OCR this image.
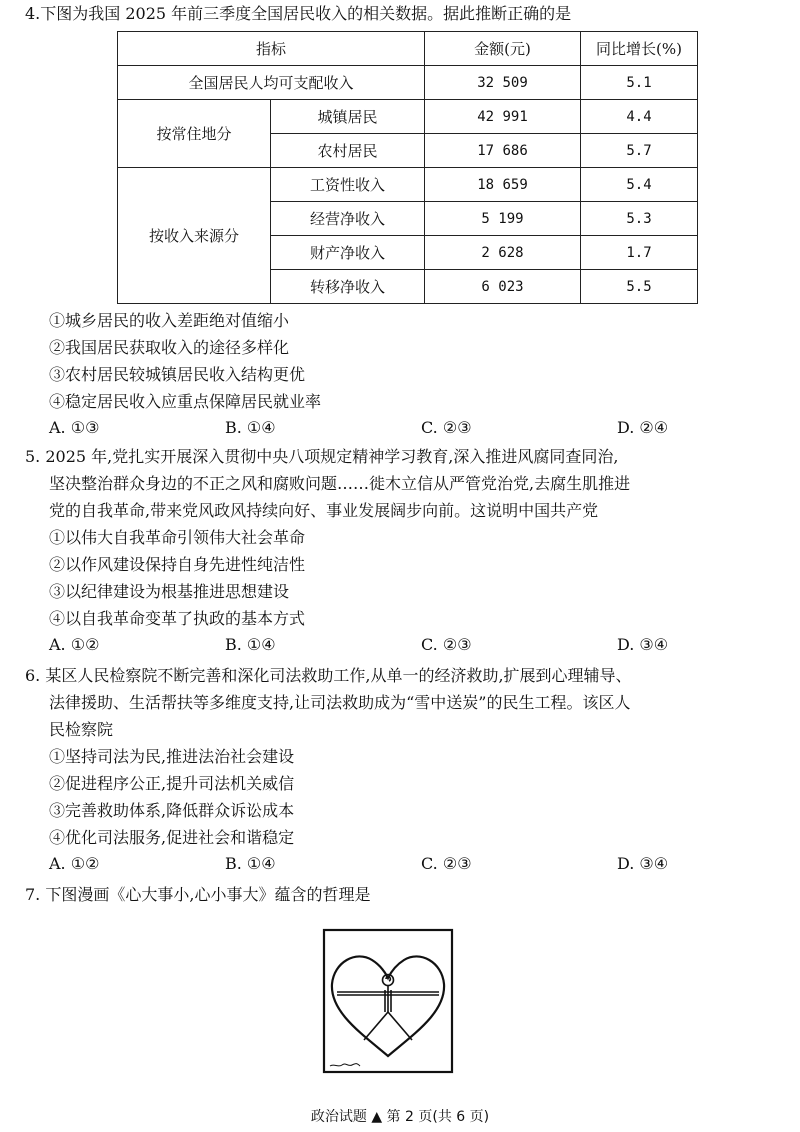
4.下图为我国 2025 年前三季度全国居民收入的相关数据。据此推断正确的是
指标		金额(元)	同比增长(%)
全国居民人均可支配收入		32 509	5.1
按常住地分	城镇居民	42 991	4.4
	农村居民	17 686	5.7
按收入来源分	工资性收入	18 659	5.4
	经营净收入	5 199	5.3
	财产净收入	2 628	1.7
	转移净收入	6 023	5.5
①城乡居民的收入差距绝对值缩小
②我国居民获取收入的途径多样化
③农村居民较城镇居民收入结构更优
④稳定居民收入应重点保障居民就业率
A. ①③	B. ①④	C. ②③	D. ②④
5. 2025 年,党扎实开展深入贯彻中央八项规定精神学习教育,深入推进风腐同查同治,
坚决整治群众身边的不正之风和腐败问题……徙木立信从严管党治党,去腐生肌推进
党的自我革命,带来党风政风持续向好、事业发展阔步向前。这说明中国共产党
①以伟大自我革命引领伟大社会革命
②以作风建设保持自身先进性纯洁性
③以纪律建设为根基推进思想建设
④以自我革命变革了执政的基本方式
A. ①②	B. ①④	C. ②③	D. ③④
6. 某区人民检察院不断完善和深化司法救助工作,从单一的经济救助,扩展到心理辅导、
法律援助、生活帮扶等多维度支持,让司法救助成为“雪中送炭”的民生工程。该区人
民检察院
①坚持司法为民,推进法治社会建设
②促进程序公正,提升司法机关威信
③完善救助体系,降低群众诉讼成本
④优化司法服务,促进社会和谐稳定
A. ①②	B. ①④	C. ②③	D. ③④
7. 下图漫画《心大事小,心小事大》蕴含的哲理是
政治试题 ▲ 第 2 页(共 6 页)
